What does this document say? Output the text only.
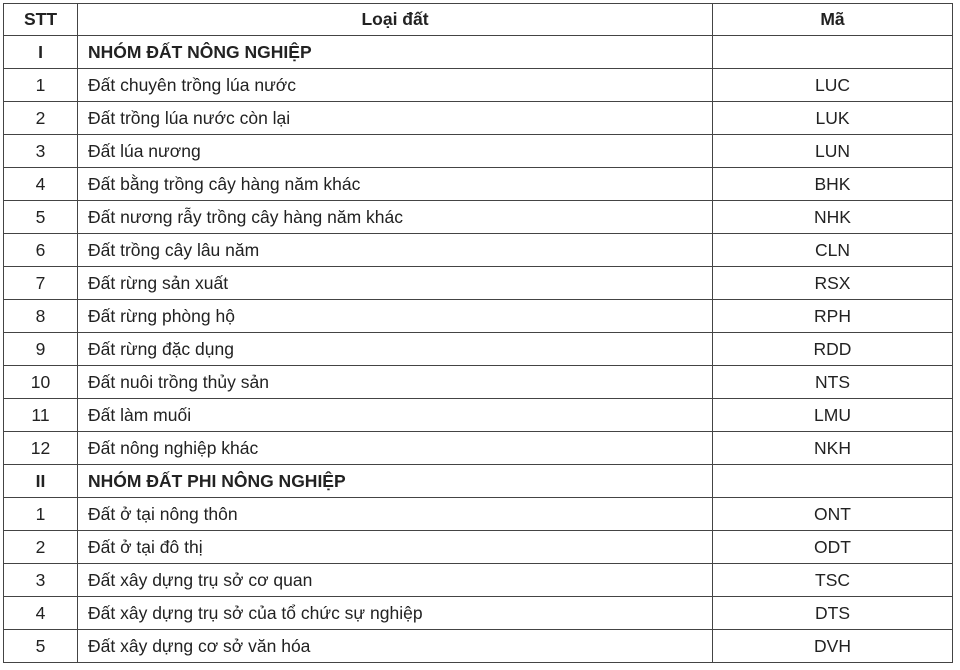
STT	Loại đất	Mã
I	NHÓM ĐẤT NÔNG NGHIỆP	
1	Đất chuyên trồng lúa nước	LUC
2	Đất trồng lúa nước còn lại	LUK
3	Đất lúa nương	LUN
4	Đất bằng trồng cây hàng năm khác	BHK
5	Đất nương rẫy trồng cây hàng năm khác	NHK
6	Đất trồng cây lâu năm	CLN
7	Đất rừng sản xuất	RSX
8	Đất rừng phòng hộ	RPH
9	Đất rừng đặc dụng	RDD
10	Đất nuôi trồng thủy sản	NTS
11	Đất làm muối	LMU
12	Đất nông nghiệp khác	NKH
II	NHÓM ĐẤT PHI NÔNG NGHIỆP	
1	Đất ở tại nông thôn	ONT
2	Đất ở tại đô thị	ODT
3	Đất xây dựng trụ sở cơ quan	TSC
4	Đất xây dựng trụ sở của tổ chức sự nghiệp	DTS
5	Đất xây dựng cơ sở văn hóa	DVH
